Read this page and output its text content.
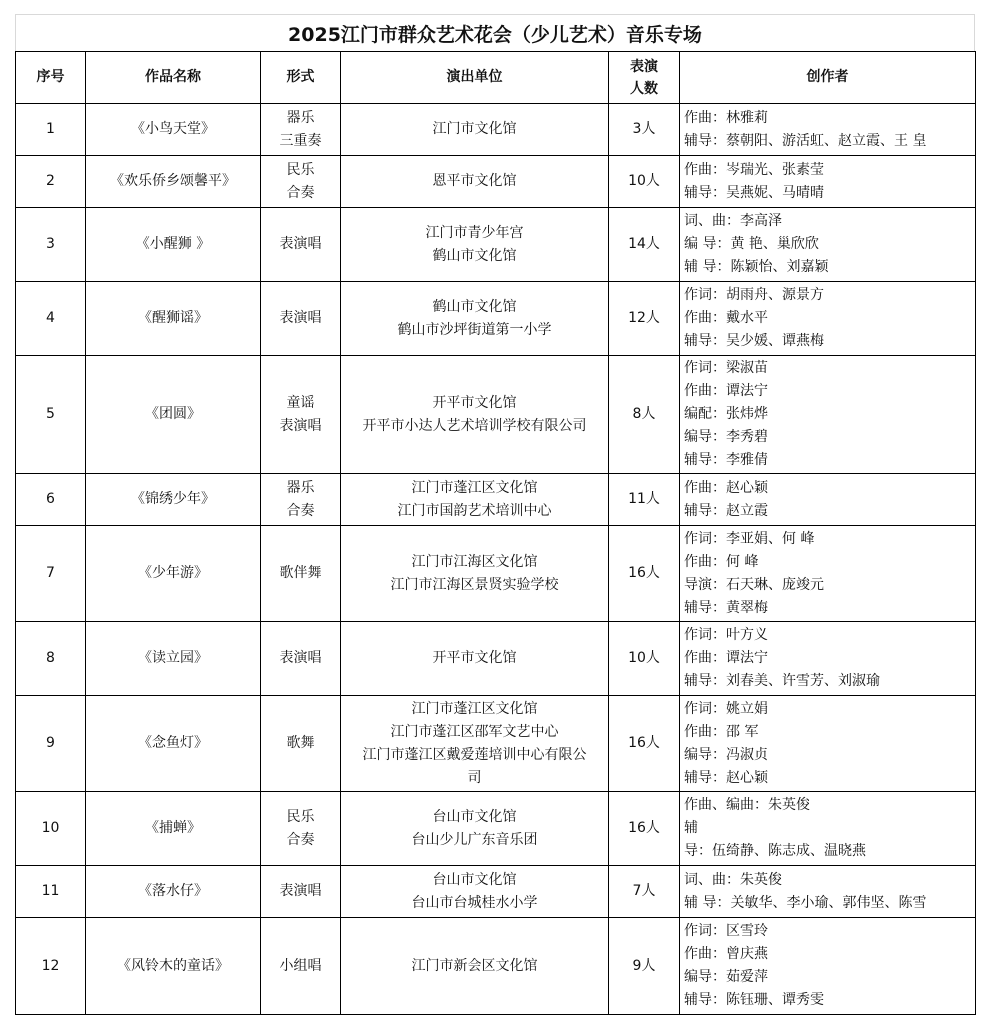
2025江门市群众艺术花会（少儿艺术）音乐专场
序号	作品名称	形式	演出单位	表演
人数	创作者
1	《小鸟天堂》	器乐
三重奏	江门市文化馆	3人	作曲：林雅莉
辅导：蔡朝阳、游活虹、赵立霞、王 皇

2	《欢乐侨乡颂馨平》	民乐
合奏	恩平市文化馆	10人	作曲：岑瑞光、张素莹
辅导：吴燕妮、马晴晴

3	《小醒狮 》	表演唱	江门市青少年宫
鹤山市文化馆	14人	词、曲：李高泽
编 导：黄 艳、巢欣欣
辅 导：陈颖怡、刘嘉颖

4	《醒狮谣》	表演唱	鹤山市文化馆
鹤山市沙坪街道第一小学	12人	作词：胡雨舟、源景方
作曲：戴水平
辅导：吴少媛、谭燕梅

5	《团圆》	童谣
表演唱	开平市文化馆
开平市小达人艺术培训学校有限公司	8人	作词：梁淑苗
作曲：谭法宁
编配：张炜烨
编导：李秀碧
辅导：李雅倩

6	《锦绣少年》	器乐
合奏	江门市蓬江区文化馆
江门市国韵艺术培训中心	11人	作曲：赵心颖
辅导：赵立霞

7	《少年游》	歌伴舞	江门市江海区文化馆
江门市江海区景贤实验学校	16人	作词：李亚娟、何 峰
作曲：何 峰
导演：石天琳、庞竣元
辅导：黄翠梅

8	《读立园》	表演唱	开平市文化馆	10人	作词：叶方义
作曲：谭法宁
辅导：刘春美、许雪芳、刘淑瑜

9	《念鱼灯》	歌舞	江门市蓬江区文化馆
江门市蓬江区邵军文艺中心
江门市蓬江区戴爱莲培训中心有限公
司	16人	作词：姚立娟
作曲：邵 军
编导：冯淑贞
辅导：赵心颖

10	《捕蝉》	民乐
合奏	台山市文化馆
台山少儿广东音乐团	16人	作曲、编曲：朱英俊
辅
导：伍绮静、陈志成、温晓燕

11	《落水仔》	表演唱	台山市文化馆
台山市台城桂水小学	7人	词、曲：朱英俊
辅 导：关敏华、李小瑜、郭伟坚、陈雪

12	《风铃木的童话》	小组唱	江门市新会区文化馆	9人	作词：区雪玲
作曲：曾庆燕
编导：茹爱萍
辅导：陈钰珊、谭秀雯
